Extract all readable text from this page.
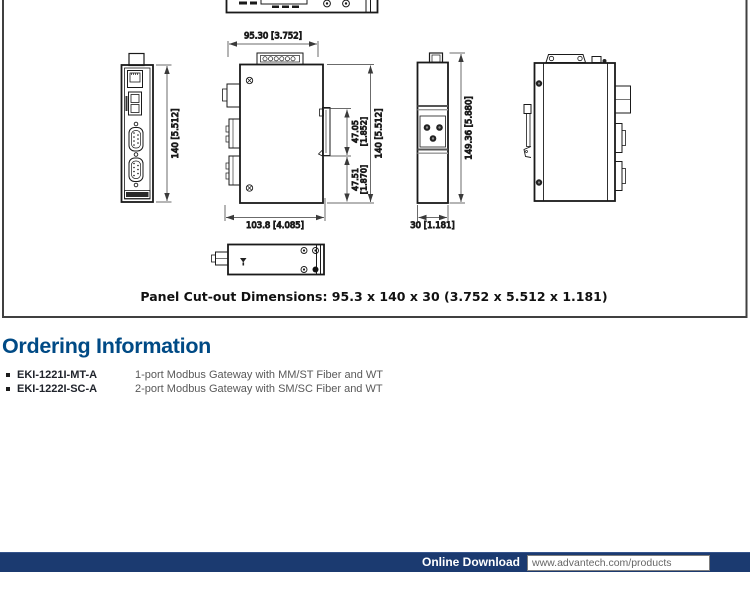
140 [5.512]
95.30 [3.752]
103.8 [4.085]
140 [5.512]
47.05 [1.852]
47.51 [1.870]
149.36 [5.880]
30 [1.181]
Panel Cut-out Dimensions: 95.3 x 140 x 30 (3.752 x 5.512 x 1.181)
Ordering Information
EKI-1221I-MT-A	1-port Modbus Gateway with MM/ST Fiber and WT
EKI-1222I-SC-A	2-port Modbus Gateway with SM/SC Fiber and WT
Online Download	www.advantech.com/products
